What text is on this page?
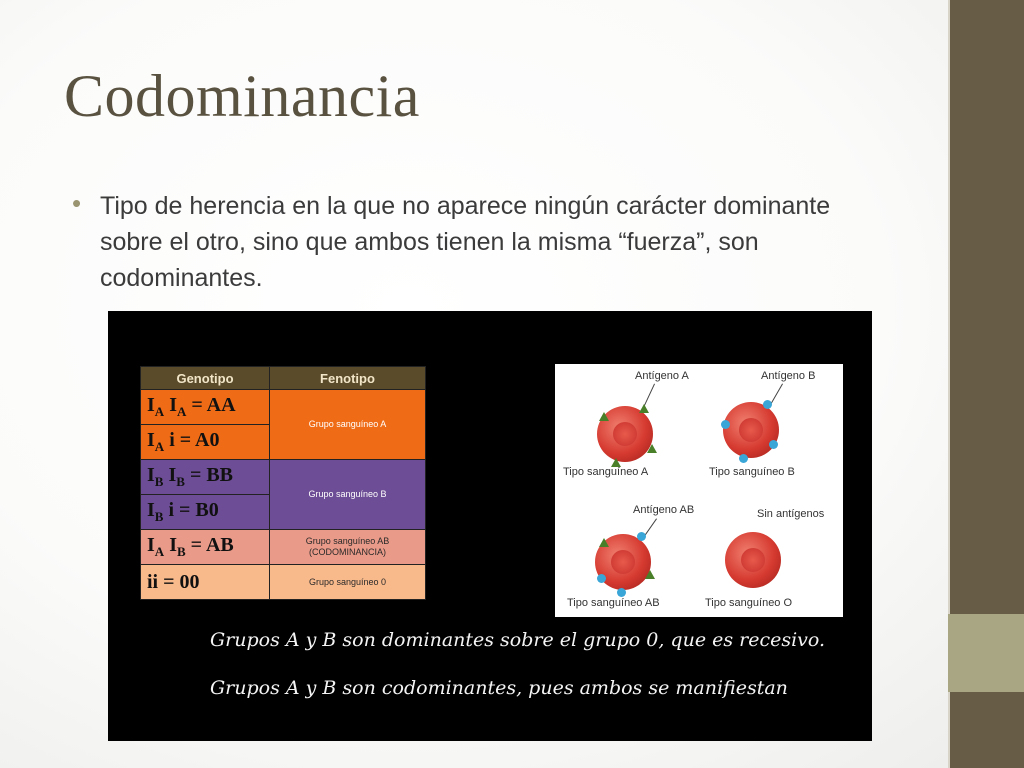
Codominancia
• Tipo de herencia en la que no aparece ningún carácter dominante sobre el otro, sino que ambos tienen la misma “fuerza”, son codominantes.

Genotipo	Fenotipo
$I_A$ $I_A$ = AA	Grupo sanguíneo A
$I_A$ i = A0	
$I_B$ $I_B$ = BB	Grupo sanguíneo B
$I_B$ i = B0	
$I_A$ $I_B$ = AB	Grupo sanguíneo AB
(CODOMINANCIA)
ii = 00	Grupo sanguíneo 0
Antígeno A
Tipo sanguíneo A
Antígeno B
Tipo sanguíneo B
Antígeno AB
Tipo sanguíneo AB
Sin antígenos
Tipo sanguíneo O
Grupos A y B son dominantes sobre el grupo 0, que es recesivo.
Grupos A y B son codominantes, pues ambos se manifiestan
